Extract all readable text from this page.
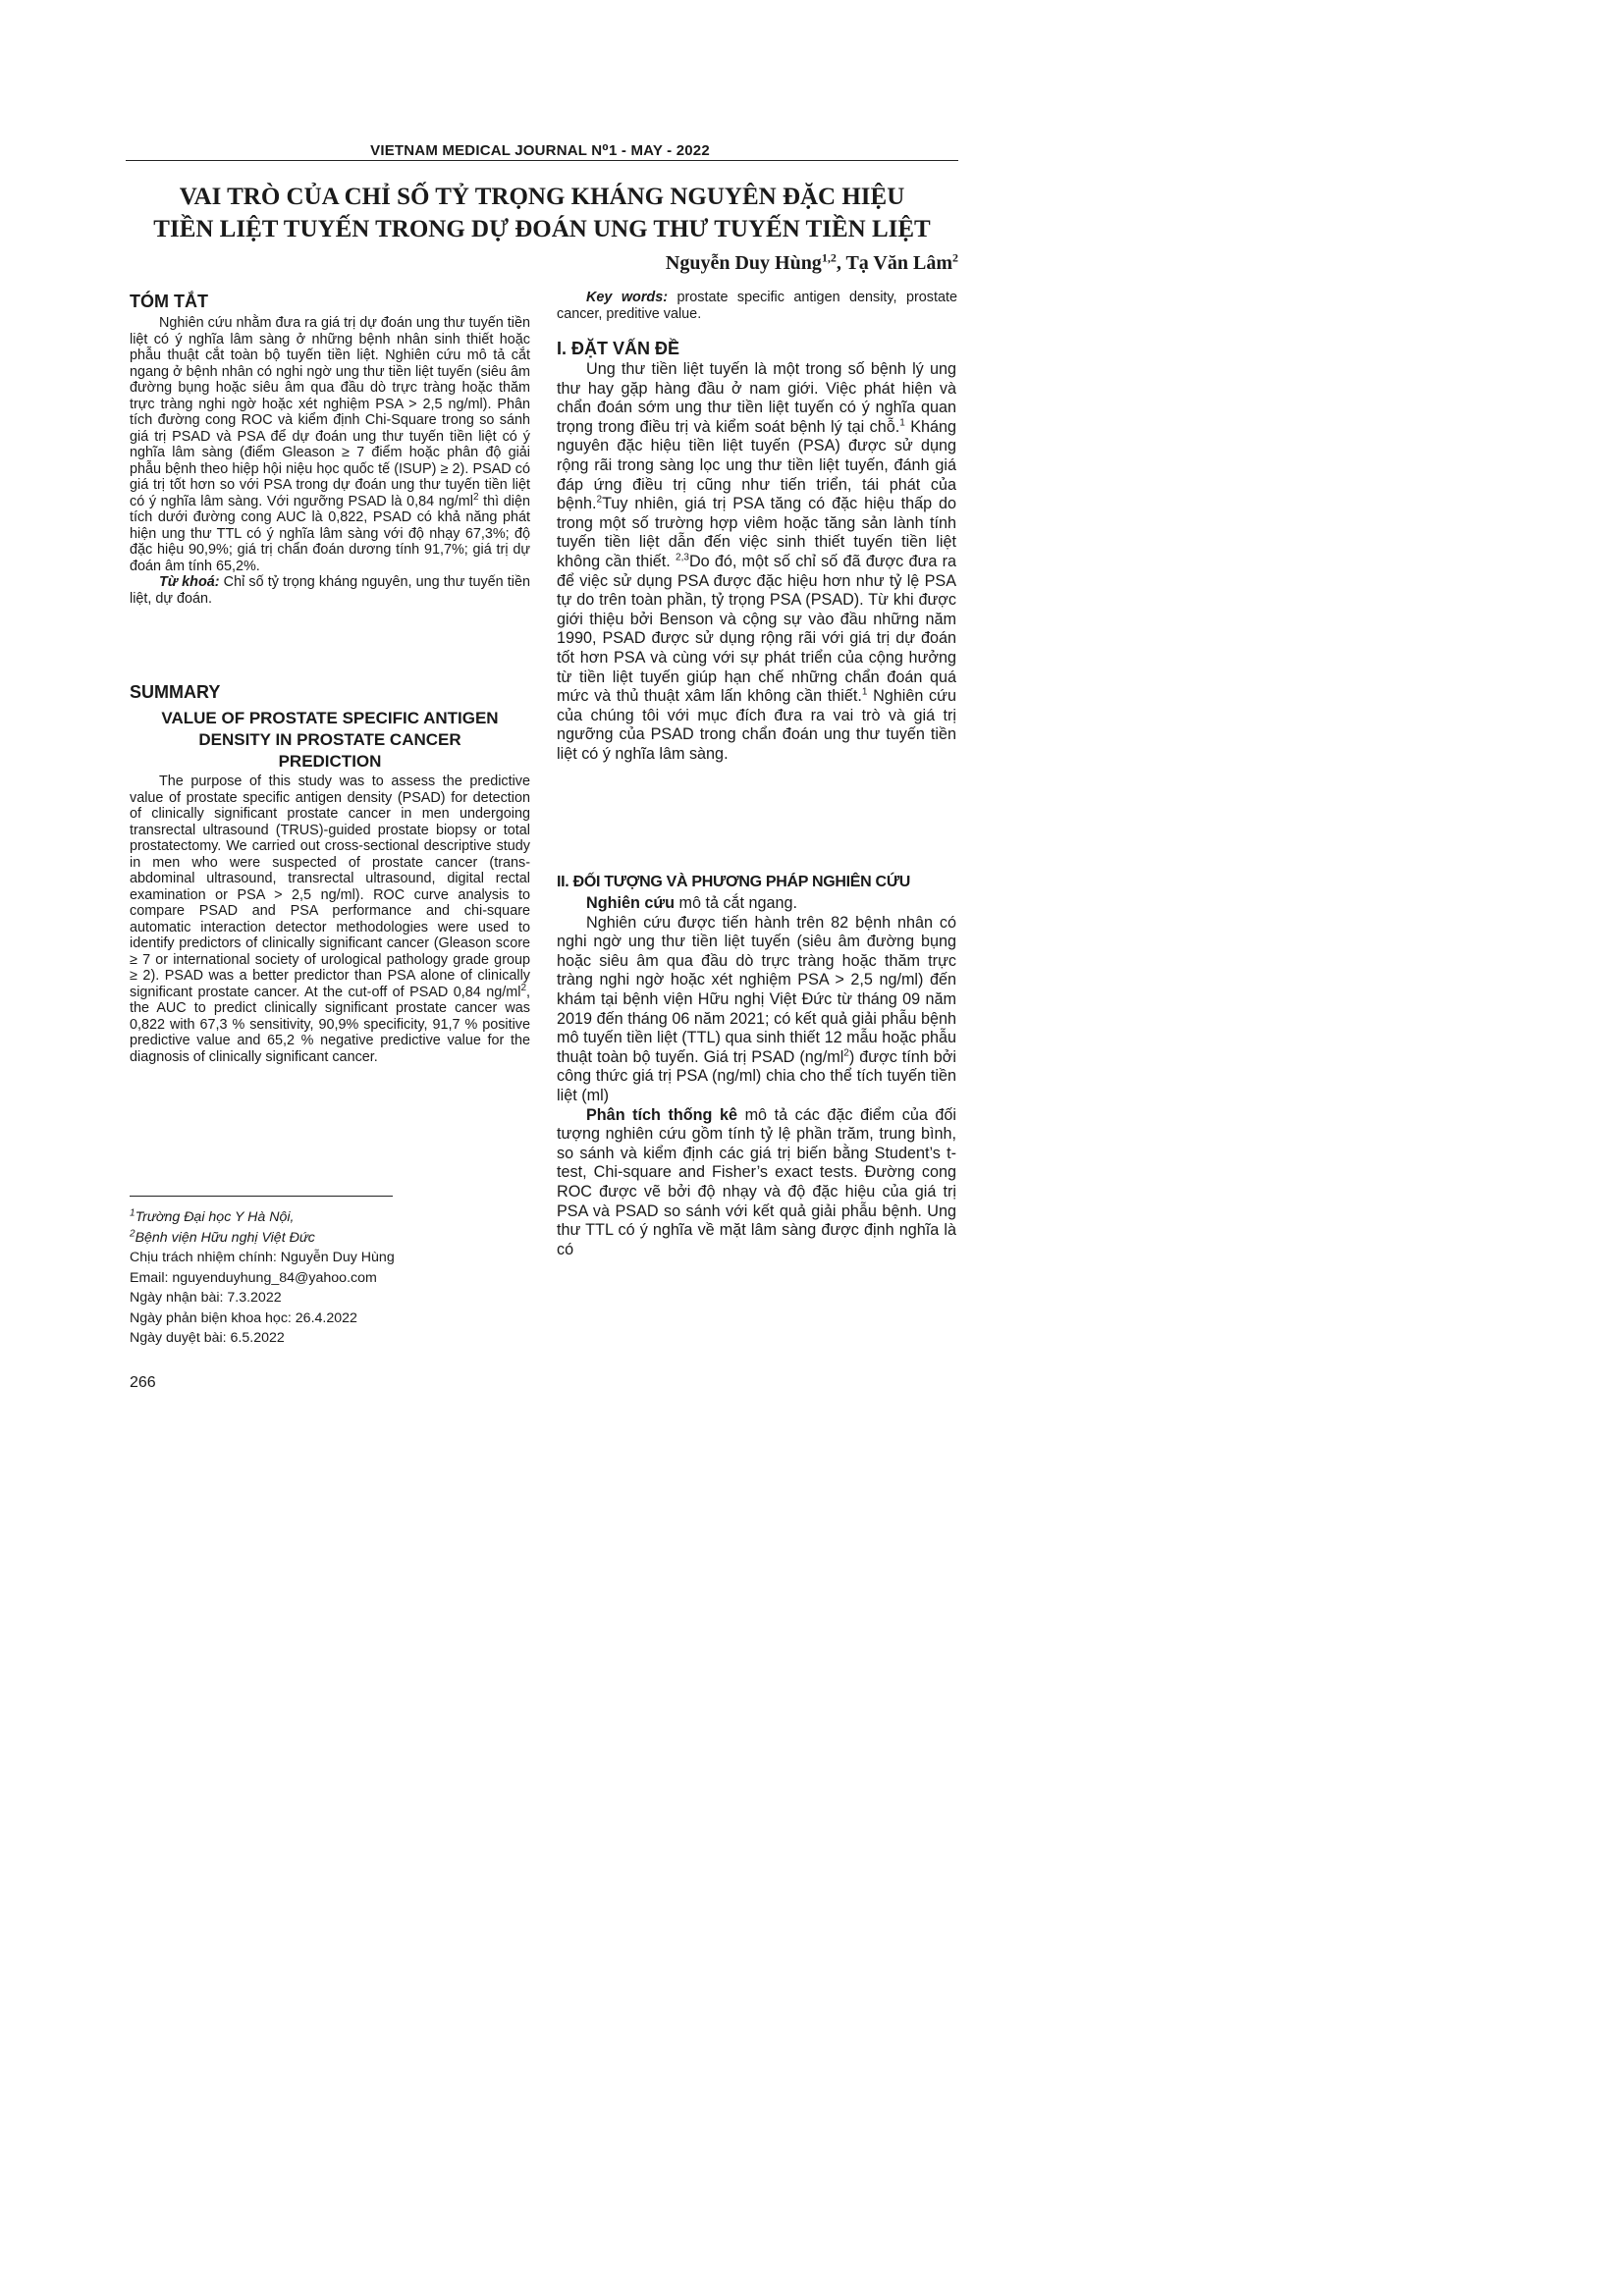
VIETNAM MEDICAL JOURNAL N⁰1 - MAY - 2022
VAI TRÒ CỦA CHỈ SỐ TỶ TRỌNG KHÁNG NGUYÊN ĐẶC HIỆU
TIỀN LIỆT TUYẾN TRONG DỰ ĐOÁN UNG THƯ TUYẾN TIỀN LIỆT
Nguyễn Duy Hùng$^{1,2}$, Tạ Văn Lâm$^2$
TÓM TẮT

Nghiên cứu nhằm đưa ra giá trị dự đoán ung thư tuyến tiền liệt có ý nghĩa lâm sàng ở những bệnh nhân sinh thiết hoặc phẫu thuật cắt toàn bộ tuyến tiền liệt. Nghiên cứu mô tả cắt ngang ở bệnh nhân có nghi ngờ ung thư tiền liệt tuyến (siêu âm đường bụng hoặc siêu âm qua đầu dò trực tràng hoặc thăm trực tràng nghi ngờ hoặc xét nghiệm PSA > 2,5 ng/ml). Phân tích đường cong ROC và kiểm định Chi-Square trong so sánh giá trị PSAD và PSA để dự đoán ung thư tuyến tiền liệt có ý nghĩa lâm sàng (điểm Gleason ≥ 7 điểm hoặc phân độ giải phẫu bệnh theo hiệp hội niệu học quốc tế (ISUP) ≥ 2). PSAD có giá trị tốt hơn so với PSA trong dự đoán ung thư tuyến tiền liệt có ý nghĩa lâm sàng. Với ngưỡng PSAD là 0,84 $ng/ml^2$ thì diện tích dưới đường cong AUC là 0,822, PSAD có khả năng phát hiện ung thư TTL có ý nghĩa lâm sàng với độ nhạy 67,3%; độ đặc hiệu 90,9%; giá trị chẩn đoán dương tính 91,7%; giá trị dự đoán âm tính 65,2%.

Từ khoá: Chỉ số tỷ trọng kháng nguyên, ung thư tuyến tiền liệt, dự đoán.

SUMMARY
VALUE OF PROSTATE SPECIFIC ANTIGEN
DENSITY IN PROSTATE CANCER
PREDICTION

The purpose of this study was to assess the predictive value of prostate specific antigen density (PSAD) for detection of clinically significant prostate cancer in men undergoing transrectal ultrasound (TRUS)-guided prostate biopsy or total prostatectomy. We carried out cross-sectional descriptive study in men who were suspected of prostate cancer (trans-abdominal ultrasound, transrectal ultrasound, digital rectal examination or PSA > 2,5 ng/ml). ROC curve analysis to compare PSAD and PSA performance and chi-square automatic interaction detector methodologies were used to identify predictors of clinically significant cancer (Gleason score ≥ 7 or international society of urological pathology grade group ≥ 2). PSAD was a better predictor than PSA alone of clinically significant prostate cancer. At the cut-off of PSAD 0,84 $ng/ml^2$, the AUC to predict clinically significant prostate cancer was 0,822 with 67,3 % sensitivity, 90,9% specificity, 91,7 % positive predictive value and 65,2 % negative predictive value for the diagnosis of clinically significant cancer.

$^1$Trường Đại học Y Hà Nội,
$^2$Bệnh viện Hữu nghị Việt Đức
Chịu trách nhiệm chính: Nguyễn Duy Hùng
Email: nguyenduyhung_84@yahoo.com
Ngày nhận bài: 7.3.2022
Ngày phản biện khoa học: 26.4.2022
Ngày duyệt bài: 6.5.2022
266

Key words: prostate specific antigen density, prostate cancer, preditive value.

I. ĐẶT VẤN ĐỀ

Ung thư tiền liệt tuyến là một trong số bệnh lý ung thư hay gặp hàng đầu ở nam giới. Việc phát hiện và chẩn đoán sớm ung thư tiền liệt tuyến có ý nghĩa quan trọng trong điều trị và kiểm soát bệnh lý tại chỗ.$^1$ Kháng nguyên đặc hiệu tiền liệt tuyến (PSA) được sử dụng rộng rãi trong sàng lọc ung thư tiền liệt tuyến, đánh giá đáp ứng điều trị cũng như tiến triển, tái phát của bệnh.$^2$Tuy nhiên, giá trị PSA tăng có đặc hiệu thấp do trong một số trường hợp viêm hoặc tăng sản lành tính tuyến tiền liệt dẫn đến việc sinh thiết tuyến tiền liệt không cần thiết. $^{2,3}$Do đó, một số chỉ số đã được đưa ra để việc sử dụng PSA được đặc hiệu hơn như tỷ lệ PSA tự do trên toàn phần, tỷ trọng PSA (PSAD). Từ khi được giới thiệu bởi Benson và cộng sự vào đầu những năm 1990, PSAD được sử dụng rộng rãi với giá trị dự đoán tốt hơn PSA và cùng với sự phát triển của cộng hưởng từ tiền liệt tuyến giúp hạn chế những chẩn đoán quá mức và thủ thuật xâm lấn không cần thiết.$^1$ Nghiên cứu của chúng tôi với mục đích đưa ra vai trò và giá trị ngưỡng của PSAD trong chẩn đoán ung thư tuyến tiền liệt có ý nghĩa lâm sàng.

II. ĐỐI TƯỢNG VÀ PHƯƠNG PHÁP NGHIÊN CỨU

Nghiên cứu mô tả cắt ngang.

Nghiên cứu được tiến hành trên 82 bệnh nhân có nghi ngờ ung thư tiền liệt tuyến (siêu âm đường bụng hoặc siêu âm qua đầu dò trực tràng hoặc thăm trực tràng nghi ngờ hoặc xét nghiệm PSA > 2,5 ng/ml) đến khám tại bệnh viện Hữu nghị Việt Đức từ tháng 09 năm 2019 đến tháng 06 năm 2021; có kết quả giải phẫu bệnh mô tuyến tiền liệt (TTL) qua sinh thiết 12 mẫu hoặc phẫu thuật toàn bộ tuyến. Giá trị PSAD $(ng/ml^2)$ được tính bởi công thức giá trị PSA (ng/ml) chia cho thể tích tuyến tiền liệt (ml)

Phân tích thống kê mô tả các đặc điểm của đối tượng nghiên cứu gồm tính tỷ lệ phần trăm, trung bình, so sánh và kiểm định các giá trị biến bằng Student’s t-test, Chi-square and Fisher’s exact tests. Đường cong ROC được vẽ bởi độ nhạy và độ đặc hiệu của giá trị PSA và PSAD so sánh với kết quả giải phẫu bệnh. Ung thư TTL có ý nghĩa về mặt lâm sàng được định nghĩa là có
